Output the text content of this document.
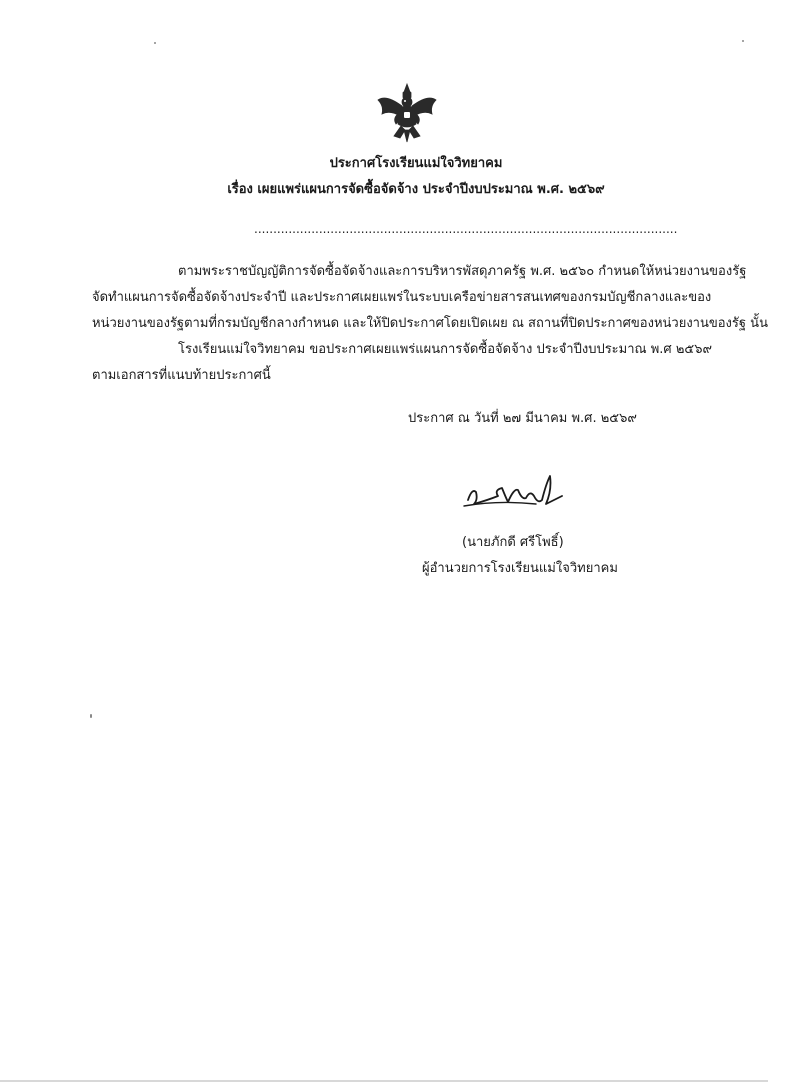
ประกาศโรงเรียนแม่ใจวิทยาคม
เรื่อง เผยแพร่แผนการจัดซื้อจัดจ้าง ประจำปีงบประมาณ พ.ศ. ๒๕๖๙
...............................................................................................................
ตามพระราชบัญญัติการจัดซื้อจัดจ้างและการบริหารพัสดุภาครัฐ พ.ศ. ๒๕๖๐ กำหนดให้หน่วยงานของรัฐ
จัดทำแผนการจัดซื้อจัดจ้างประจำปี และประกาศเผยแพร่ในระบบเครือข่ายสารสนเทศของกรมบัญชีกลางและของ
หน่วยงานของรัฐตามที่กรมบัญชีกลางกำหนด และให้ปิดประกาศโดยเปิดเผย ณ สถานที่ปิดประกาศของหน่วยงานของรัฐ นั้น
โรงเรียนแม่ใจวิทยาคม ขอประกาศเผยแพร่แผนการจัดซื้อจัดจ้าง ประจำปีงบประมาณ พ.ศ ๒๕๖๙
ตามเอกสารที่แนบท้ายประกาศนี้
ประกาศ ณ วันที่ ๒๗ มีนาคม พ.ศ. ๒๕๖๙
(นายภักดี ศรีโพธิ์)
ผู้อำนวยการโรงเรียนแม่ใจวิทยาคม
